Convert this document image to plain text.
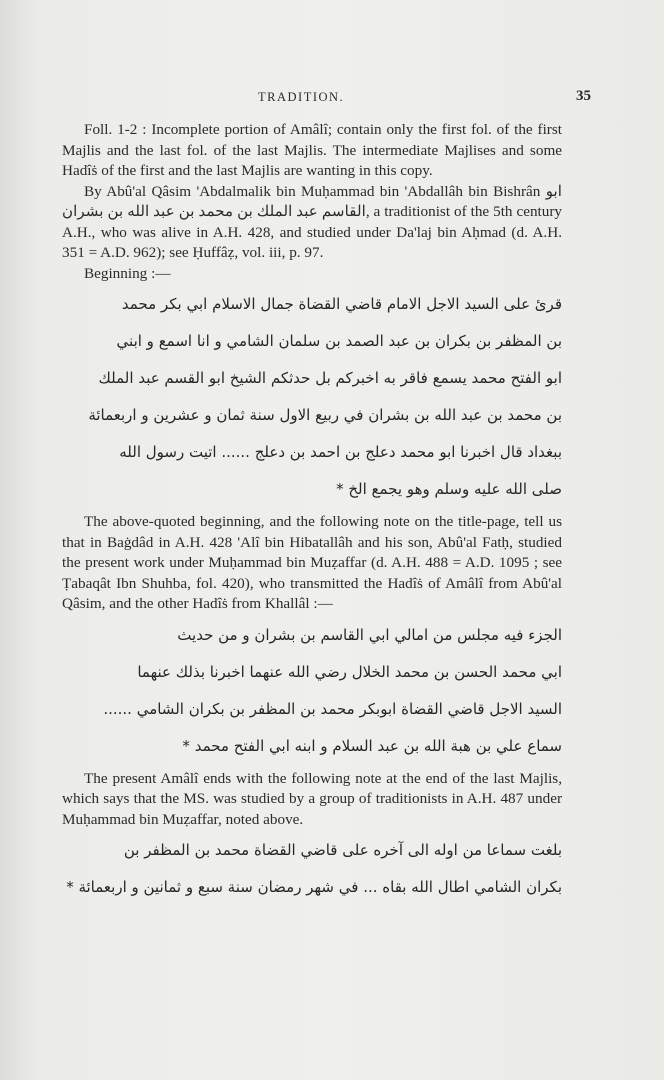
TRADITION.	35

Foll. 1-2 : Incomplete portion of Amâlî; contain only the first fol. of the first Majlis and the last fol. of the last Majlis. The intermediate Majlises and some Hadîṡ of the first and the last Majlis are wanting in this copy.

By Abû'al Qâsim 'Abdalmalik bin Muḥammad bin 'Abdallâh bin Bishrân ابو القاسم عبد الملك بن محمد بن عبد الله بن بشران, a traditionist of the 5th century A.H., who was alive in A.H. 428, and studied under Da'laj bin Aḥmad (d. A.H. 351 = A.D. 962); see Ḥuffâẓ, vol. iii, p. 97.

Beginning :—

قرئ على السيد الاجل الامام قاضي القضاة جمال الاسلام ابي بكر محمد
بن المظفر بن بكران بن عبد الصمد بن سلمان الشامي و انا اسمع و ابني
ابو الفتح محمد يسمع فاقر به اخبركم بل حدثكم الشيخ ابو القسم عبد الملك
بن محمد بن عبد الله بن بشران في ربيع الاول سنة ثمان و عشرين و اربعمائة
ببغداد قال اخبرنا ابو محمد دعلج بن احمد بن دعلج ...... اتيت رسول الله
صلى الله عليه وسلم وهو يجمع الخ *

The above-quoted beginning, and the following note on the title-page, tell us that in Baġdâd in A.H. 428 'Alî bin Hibatallâh and his son, Abû'al Fatḥ, studied the present work under Muḥammad bin Muẓaffar (d. A.H. 488 = A.D. 1095 ; see Ṭabaqât Ibn Shuhba, fol. 420), who transmitted the Hadîṡ of Amâlî from Abû'al Qâsim, and the other Hadîṡ from Khallâl :—

الجزء فيه مجلس من امالي ابي القاسم بن بشران و من حديث
ابي محمد الحسن بن محمد الخلال رضي الله عنهما اخبرنا بذلك عنهما
السيد الاجل قاضي القضاة ابوبكر محمد بن المظفر بن بكران الشامي ......
سماع علي بن هبة الله بن عبد السلام و ابنه ابي الفتح محمد *

The present Amâlî ends with the following note at the end of the last Majlis, which says that the MS. was studied by a group of traditionists in A.H. 487 under Muḥammad bin Muẓaffar, noted above.

بلغت سماعا من اوله الى آخره على قاضي القضاة محمد بن المظفر بن
بكران الشامي اطال الله بقاه ... في شهر رمضان سنة سبع و ثمانين و اربعمائة *
